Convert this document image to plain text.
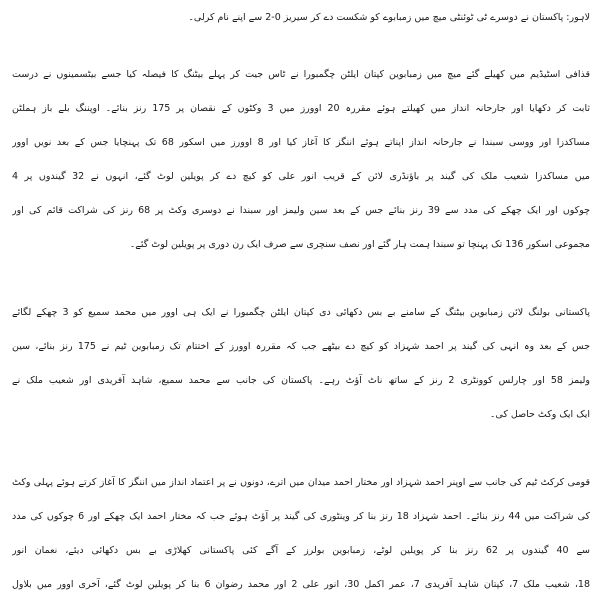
لاہور: پاکستان نے دوسرے ٹی ٹوئنٹی میچ میں زمبابوے کو شکست دے کر سیریز 0-2 سے اپنے نام کرلی۔
قذافی اسٹیڈیم میں کھیلے گئے میچ میں زمبابوین کپتان ایلٹن چگمبورا نے ٹاس جیت کر پہلے بیٹنگ کا فیصلہ کیا جسے بیٹسمینوں نے درست
ثابت کر دکھایا اور جارحانہ انداز میں کھیلتے ہوئے مقررہ 20 اوورز میں 3 وکٹوں کے نقصان پر 175 رنز بنائے۔ اوپننگ بلے باز ہملٹن
مساکدزا اور ووسی سبندا نے جارحانہ انداز اپناتے ہوئے اننگز کا آغاز کیا اور 8 اوورز میں اسکور 68 تک پہنچایا جس کے بعد نویں اوور
میں مساکدزا شعیب ملک کی گیند پر باؤنڈری لائن کے قریب انور علی کو کیچ دے کر پویلین لوٹ گئے، انہوں نے 32 گیندوں پر 4
چوکوں اور ایک چھکے کی مدد سے 39 رنز بنائے جس کے بعد سین ولیمز اور سبندا نے دوسری وکٹ پر 68 رنز کی شراکت قائم کی اور
مجموعی اسکور 136 تک پہنچا تو سبندا ہمت ہار گئے اور نصف سنچری سے صرف ایک رن دوری پر پویلین لوٹ گئے۔
پاکستانی بولنگ لائن زمبابوین بیٹنگ کے سامنے بے بس دکھائی دی کپتان ایلٹن چگمبورا نے ایک ہی اوور میں محمد سمیع کو 3 چھکے لگائے
جس کے بعد وہ انہی کی گیند پر احمد شہزاد کو کیچ دے بیٹھے جب کہ مقررہ اوورز کے اختتام تک زمبابوین ٹیم نے 175 رنز بنائے، سین
ولیمز 58 اور چارلس کوونٹری 2 رنز کے ساتھ ناٹ آؤٹ رہے۔ پاکستان کی جانب سے محمد سمیع، شاہد آفریدی اور شعیب ملک نے
ایک ایک وکٹ حاصل کی۔
قومی کرکٹ ٹیم کی جانب سے اوپنر احمد شہزاد اور مختار احمد میدان میں اترے، دونوں نے پر اعتماد انداز میں اننگز کا آغاز کرتے ہوئے پہلی وکٹ
کی شراکت میں 44 رنز بنائے۔ احمد شہزاد 18 رنز بنا کر وینٹوری کی گیند پر آؤٹ ہوئے جب کہ مختار احمد ایک چھکے اور 6 چوکوں کی مدد
سے 40 گیندوں پر 62 رنز بنا کر پویلین لوٹے، زمبابوین بولرز کے آگے کئی پاکستانی کھلاڑی بے بس دکھائی دیئے، نعمان انور
18، شعیب ملک 7، کپتان شاہد آفریدی 7، عمر اکمل 30، انور علی 2 اور محمد رضوان 6 بنا کر پویلین لوٹ گئے، آخری اوور میں بلاول
